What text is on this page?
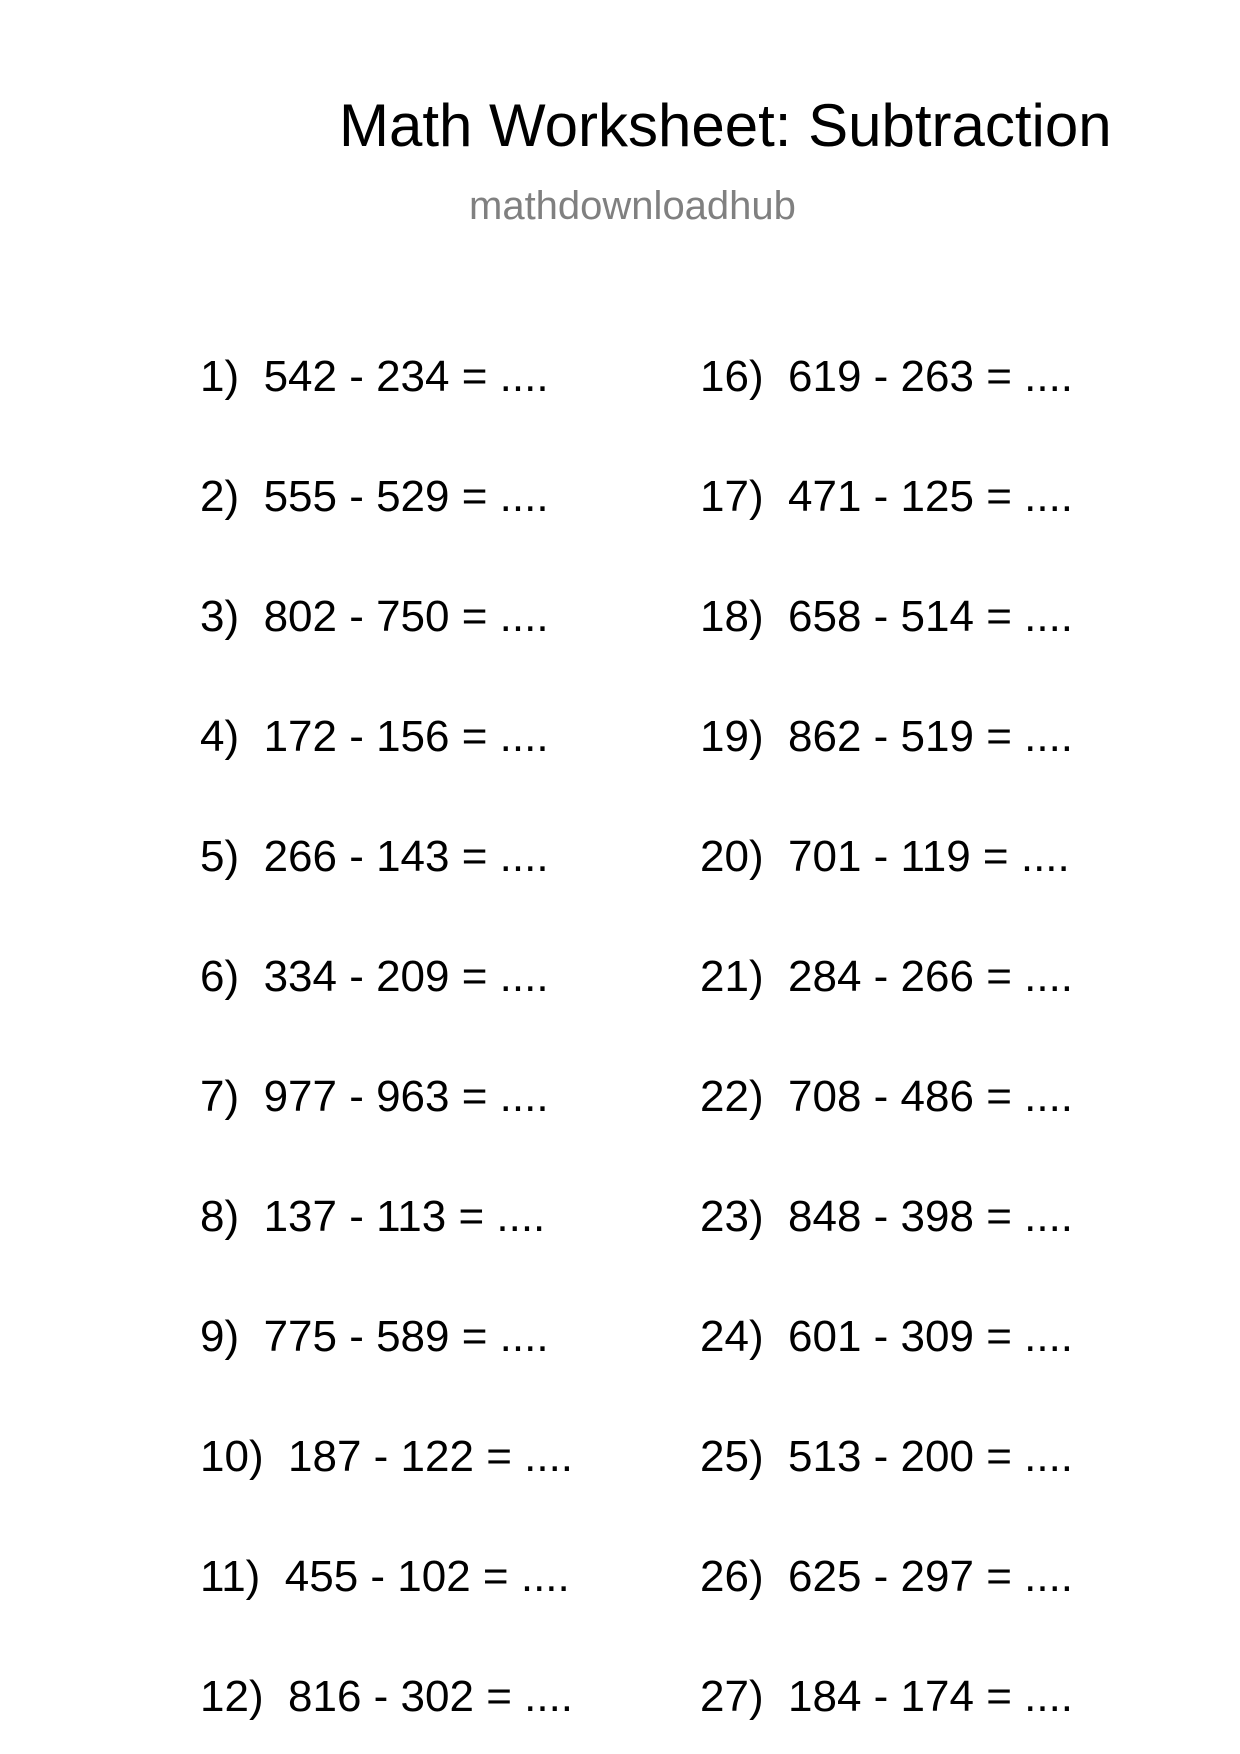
Math Worksheet: Subtraction
mathdownloadhub
1)  542 - 234 = ....
2)  555 - 529 = ....
3)  802 - 750 = ....
4)  172 - 156 = ....
5)  266 - 143 = ....
6)  334 - 209 = ....
7)  977 - 963 = ....
8)  137 - 113 = ....
9)  775 - 589 = ....
10)  187 - 122 = ....
11)  455 - 102 = ....
12)  816 - 302 = ....
16)  619 - 263 = ....
17)  471 - 125 = ....
18)  658 - 514 = ....
19)  862 - 519 = ....
20)  701 - 119 = ....
21)  284 - 266 = ....
22)  708 - 486 = ....
23)  848 - 398 = ....
24)  601 - 309 = ....
25)  513 - 200 = ....
26)  625 - 297 = ....
27)  184 - 174 = ....
